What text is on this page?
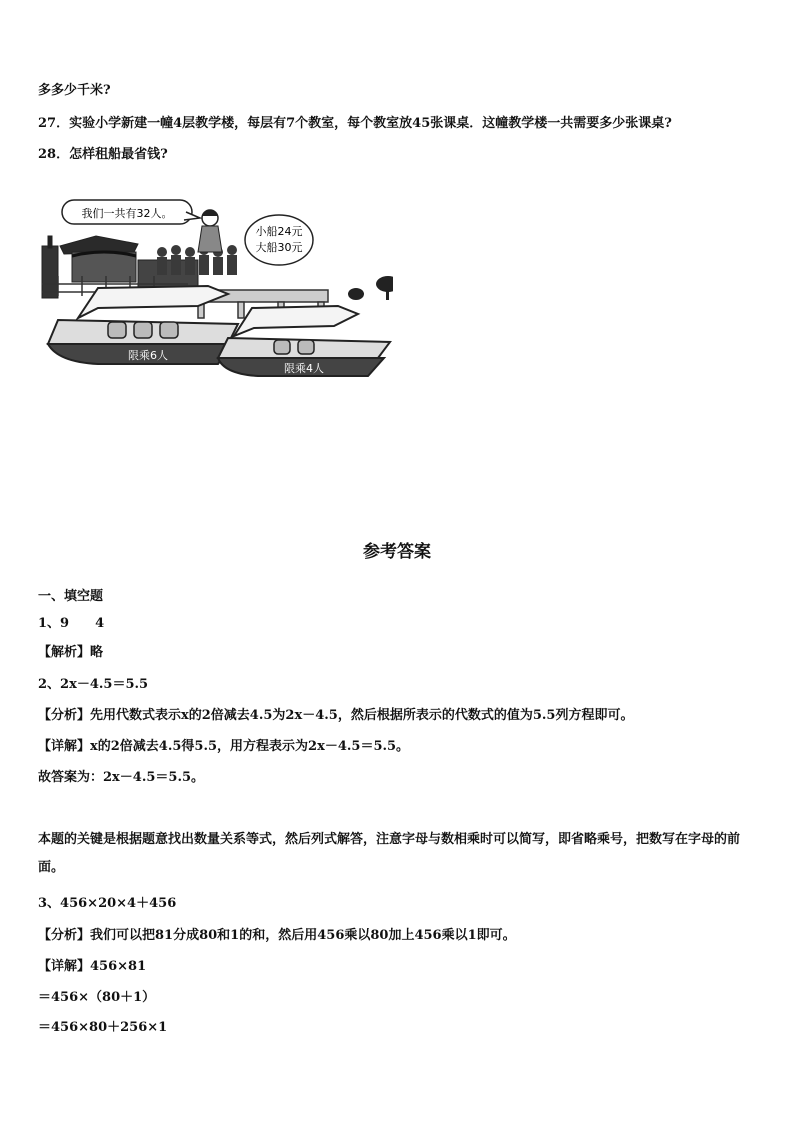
多多少千米?
27．实验小学新建一幢4层教学楼，每层有7个教室，每个教室放45张课桌．这幢教学楼一共需要多少张课桌?
28．怎样租船最省钱?
我们一共有32人。
小船24元
大船30元
限乘6人
限乘4人
参考答案
一、填空题
1、9　　4
【解析】略
2、2x－4.5＝5.5
【分析】先用代数式表示x的2倍减去4.5为2x－4.5，然后根据所表示的代数式的值为5.5列方程即可。
【详解】x的2倍减去4.5得5.5，用方程表示为2x－4.5＝5.5。
故答案为：2x－4.5＝5.5。
本题的关键是根据题意找出数量关系等式，然后列式解答，注意字母与数相乘时可以简写，即省略乘号，把数写在字母的前面。
3、456×20×4＋456
【分析】我们可以把81分成80和1的和，然后用456乘以80加上456乘以1即可。
【详解】456×81
＝456×（80＋1）
＝456×80＋256×1
